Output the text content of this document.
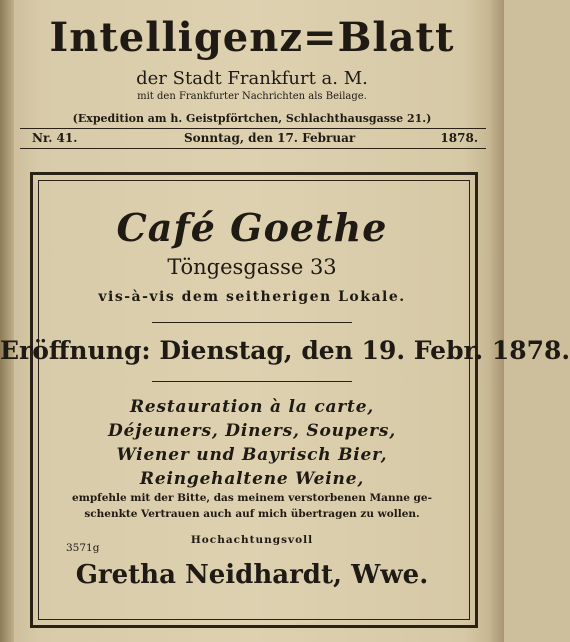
Intelligenz=Blatt
der Stadt Frankfurt a. M.
mit den Frankfurter Nachrichten als Beilage.
(Expedition am h. Geistpförtchen, Schlachthausgasse 21.)
Nr. 41.	Sonntag, den 17. Februar	1878.
Café Goethe
Töngesgasse 33
vis-à-vis dem seitherigen Lokale.
Eröffnung: Dienstag, den 19. Febr. 1878.
Restauration à la carte,
Déjeuners, Diners, Soupers,
Wiener und Bayrisch Bier,
Reingehaltene Weine,
empfehle mit der Bitte, das meinem verstorbenen Manne ge-
schenkte Vertrauen auch auf mich übertragen zu wollen.
3571g
Hochachtungsvoll
Gretha Neidhardt, Wwe.
